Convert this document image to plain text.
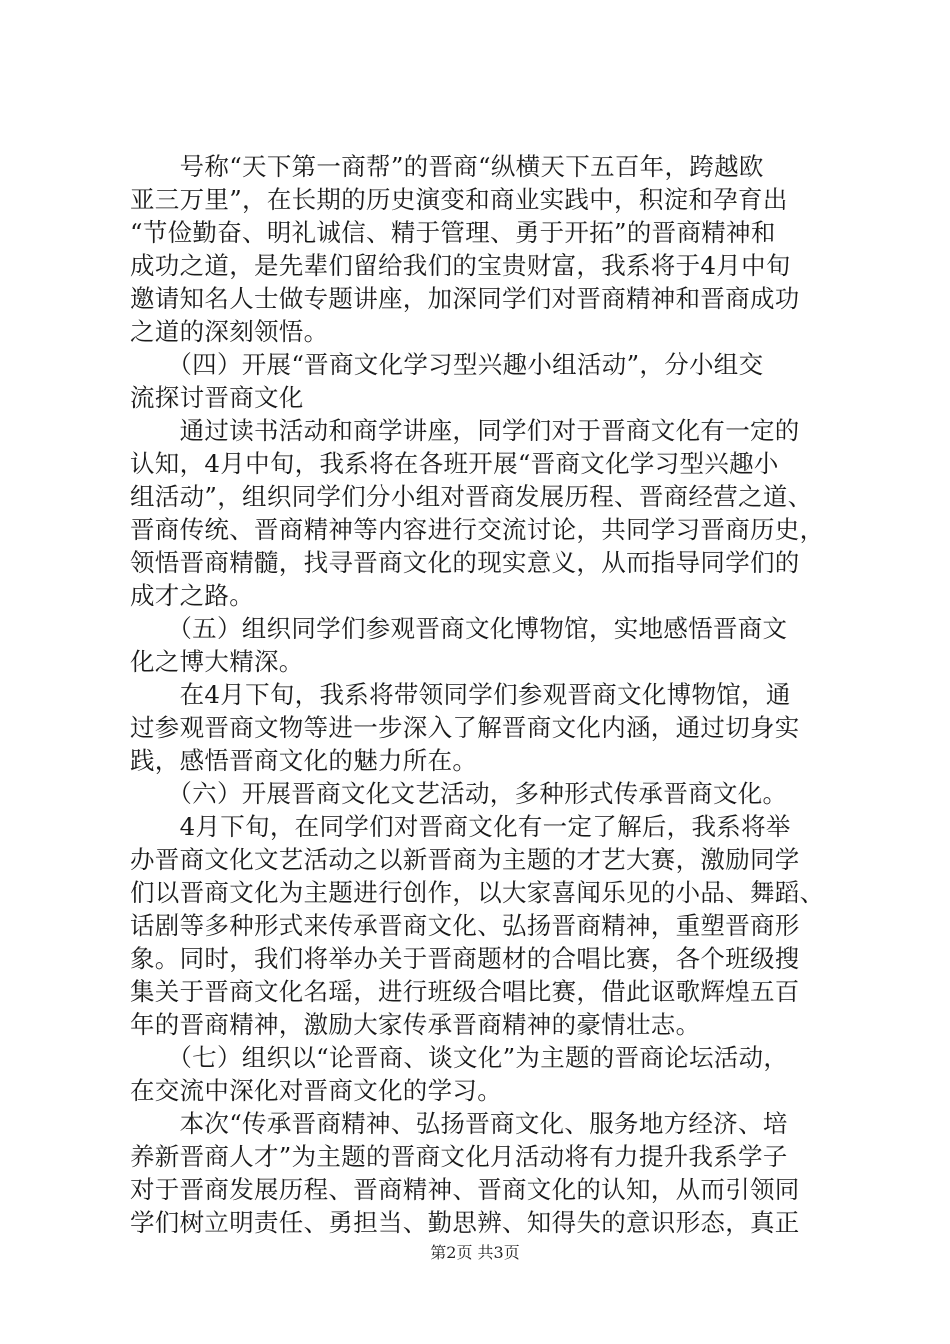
　　号称“天下第一商帮”的晋商“纵横天下五百年，跨越欧
亚三万里”，在长期的历史演变和商业实践中，积淀和孕育出
“节俭勤奋、明礼诚信、精于管理、勇于开拓”的晋商精神和
成功之道，是先辈们留给我们的宝贵财富，我系将于4月中旬
邀请知名人士做专题讲座，加深同学们对晋商精神和晋商成功
之道的深刻领悟。
　　（四）开展“晋商文化学习型兴趣小组活动”，分小组交
流探讨晋商文化
　　通过读书活动和商学讲座，同学们对于晋商文化有一定的
认知，4月中旬，我系将在各班开展“晋商文化学习型兴趣小
组活动”，组织同学们分小组对晋商发展历程、晋商经营之道、
晋商传统、晋商精神等内容进行交流讨论，共同学习晋商历史，
领悟晋商精髓，找寻晋商文化的现实意义，从而指导同学们的
成才之路。
　　（五）组织同学们参观晋商文化博物馆，实地感悟晋商文
化之博大精深。
　　在4月下旬，我系将带领同学们参观晋商文化博物馆，通
过参观晋商文物等进一步深入了解晋商文化内涵，通过切身实
践，感悟晋商文化的魅力所在。
　　（六）开展晋商文化文艺活动，多种形式传承晋商文化。
　　4月下旬，在同学们对晋商文化有一定了解后，我系将举
办晋商文化文艺活动之以新晋商为主题的才艺大赛，激励同学
们以晋商文化为主题进行创作，以大家喜闻乐见的小品、舞蹈、
话剧等多种形式来传承晋商文化、弘扬晋商精神，重塑晋商形
象。同时，我们将举办关于晋商题材的合唱比赛，各个班级搜
集关于晋商文化名瑶，进行班级合唱比赛，借此讴歌辉煌五百
年的晋商精神，激励大家传承晋商精神的豪情壮志。
　　（七）组织以“论晋商、谈文化”为主题的晋商论坛活动，
在交流中深化对晋商文化的学习。
　　本次“传承晋商精神、弘扬晋商文化、服务地方经济、培
养新晋商人才”为主题的晋商文化月活动将有力提升我系学子
对于晋商发展历程、晋商精神、晋商文化的认知，从而引领同
学们树立明责任、勇担当、勤思辨、知得失的意识形态，真正
第2页 共3页
